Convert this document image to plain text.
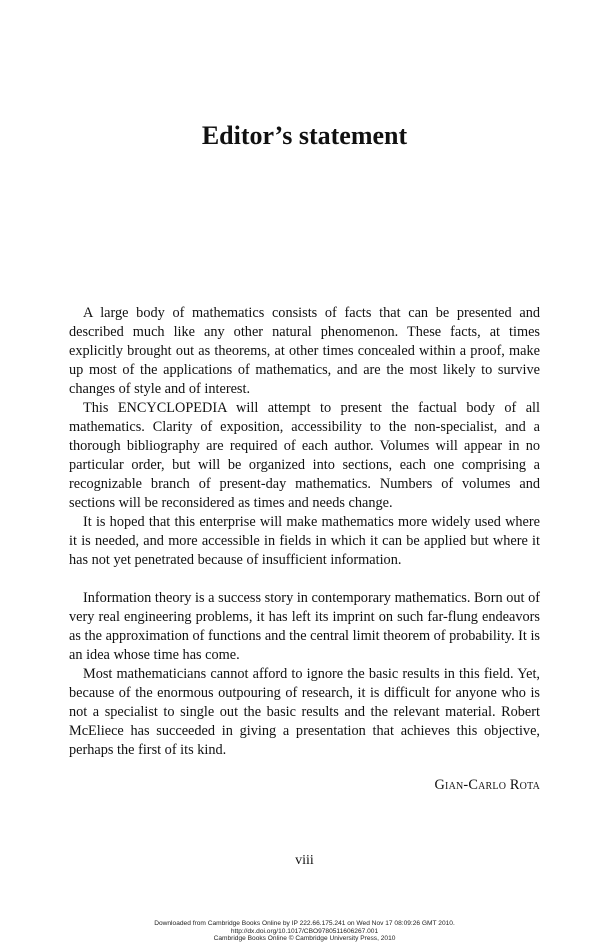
Editor’s statement

A large body of mathematics consists of facts that can be presented and described much like any other natural phenomenon. These facts, at times explicitly brought out as theorems, at other times concealed within a proof, make up most of the applications of mathematics, and are the most likely to survive changes of style and of interest.

This ENCYCLOPEDIA will attempt to present the factual body of all mathematics. Clarity of exposition, accessibility to the non-specialist, and a thorough bibliography are required of each author. Volumes will appear in no particular order, but will be organized into sections, each one comprising a recognizable branch of present-day mathematics. Numbers of volumes and sections will be reconsidered as times and needs change.

It is hoped that this enterprise will make mathematics more widely used where it is needed, and more accessible in fields in which it can be applied but where it has not yet penetrated because of insufficient information.

Information theory is a success story in contemporary mathematics. Born out of very real engineering problems, it has left its imprint on such far-flung endeavors as the approximation of functions and the central limit theorem of probability. It is an idea whose time has come.

Most mathematicians cannot afford to ignore the basic results in this field. Yet, because of the enormous outpouring of research, it is difficult for anyone who is not a specialist to single out the basic results and the relevant material. Robert McEliece has succeeded in giving a presentation that achieves this objective, perhaps the first of its kind.

Gian-Carlo Rota
viii
Downloaded from Cambridge Books Online by IP 222.66.175.241 on Wed Nov 17 08:09:26 GMT 2010.
http://dx.doi.org/10.1017/CBO9780511606267.001
Cambridge Books Online © Cambridge University Press, 2010
